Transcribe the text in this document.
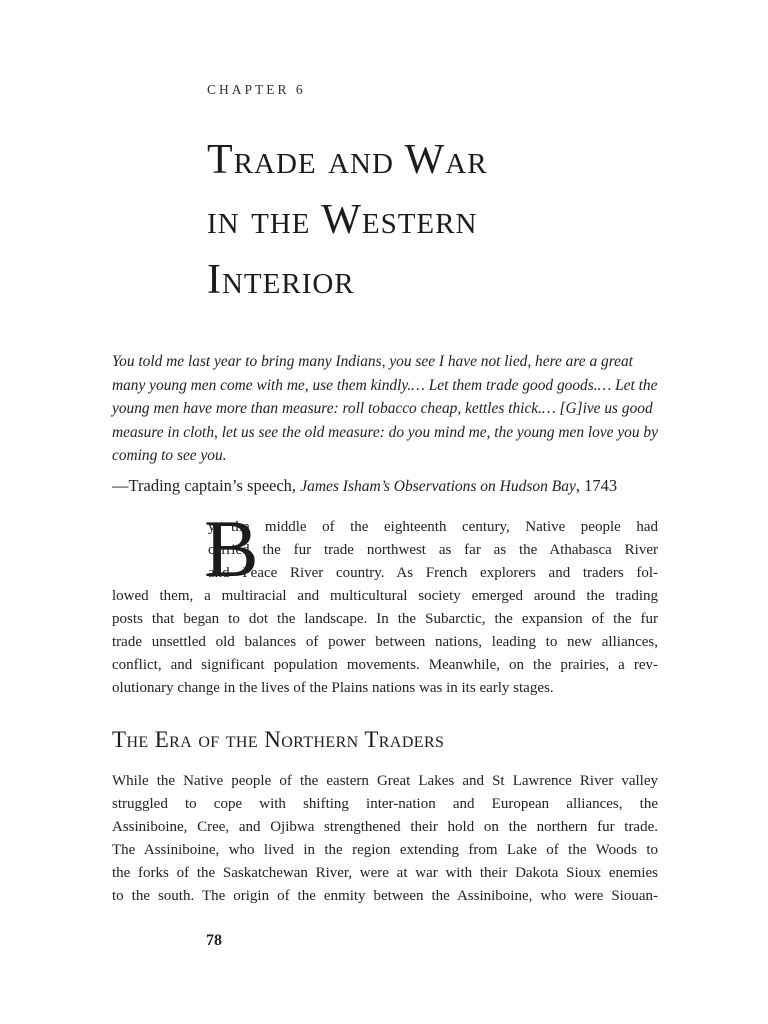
CHAPTER 6
Trade and War
in the Western
Interior

You told me last year to bring many Indians, you see I have not lied, here are a great
many young men come with me, use them kindly.… Let them trade good goods.… Let the
young men have more than measure: roll tobacco cheap, kettles thick.… [G]ive us good
measure in cloth, let us see the old measure: do you mind me, the young men love you by
coming to see you.

—Trading captain’s speech, James Isham’s Observations on Hudson Bay, 1743
B
y the middle of the eighteenth century, Native people had
carried the fur trade northwest as far as the Athabasca River
and Peace River country. As French explorers and traders fol-
lowed them, a multiracial and multicultural society emerged around the trading
posts that began to dot the landscape. In the Subarctic, the expansion of the fur
trade unsettled old balances of power between nations, leading to new alliances,
conflict, and significant population movements. Meanwhile, on the prairies, a rev-
olutionary change in the lives of the Plains nations was in its early stages.
The Era of the Northern Traders
While the Native people of the eastern Great Lakes and St Lawrence River valley
struggled to cope with shifting inter-nation and European alliances, the
Assiniboine, Cree, and Ojibwa strengthened their hold on the northern fur trade.
The Assiniboine, who lived in the region extending from Lake of the Woods to
the forks of the Saskatchewan River, were at war with their Dakota Sioux enemies
to the south. The origin of the enmity between the Assiniboine, who were Siouan-
78
